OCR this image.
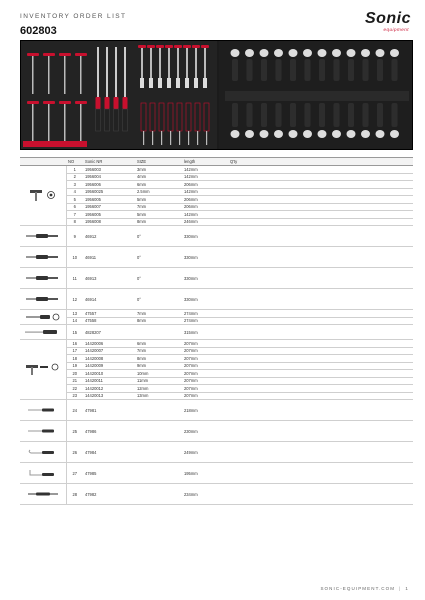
INVENTORY ORDER LIST
602803
Sonic
equipment
	NO	Sonic NR	SIZE	length	Q'ty	
	1	1956003	3mm	142mm		
	2	1956004	4mm	142mm		
	3	1956006	6mm	206mm		
	4	19560025	2.5mm	142mm		
	5	1956005	5mm	206mm		
	6	1956007	7mm	206mm		
	7	1956005	5mm	142mm		
	8	1956008	8mm	246mm		
	9	46912	0°	330mm		
	10	46911	0°	330mm		
	11	46913	0°	330mm		
	12	46914	0°	330mm		
	13	47557	7mm	274mm		
	14	47558	8mm	274mm		
	15	4828207		315mm		
	16	14420006	6mm	207mm		
	17	14420007	7mm	207mm		
	18	14420008	8mm	207mm		
	19	14420009	9mm	207mm		
	20	14420010	10mm	207mm		
	21	14420011	11mm	207mm		
	22	14420012	12mm	207mm		
	23	14420013	13mm	207mm		
	24	47981		218mm		
	25	47986		230mm		
	26	47984		249mm		
	27	47985		195mm		
	28	47982		234mm		
SONIC-EQUIPMENT.COM | 1
